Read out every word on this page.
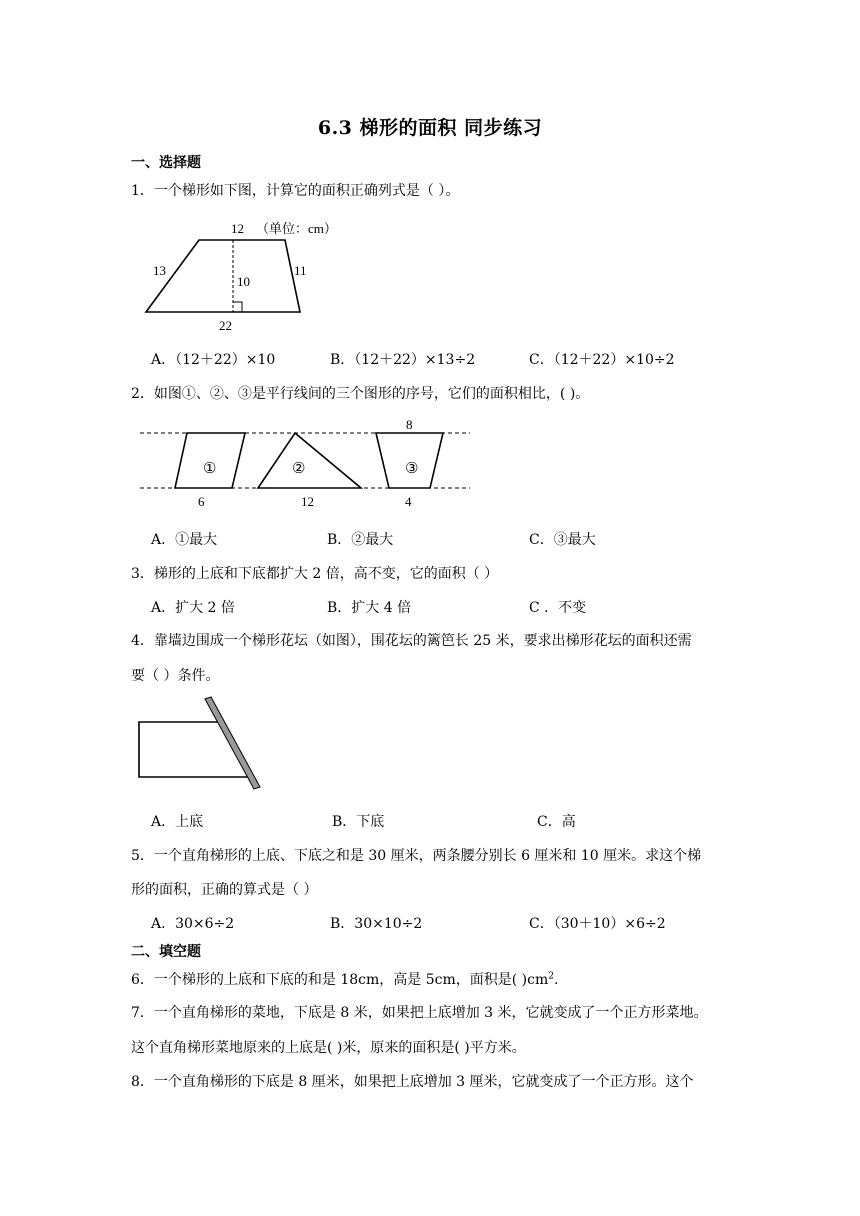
6.3 梯形的面积 同步练习
一、选择题
1．一个梯形如下图，计算它的面积正确列式是（ ）。
12 （单位：cm）
13	11
10
22
A．（12＋22）×10	B．（12＋22）×13÷2	C．（12＋22）×10÷2
2．如图①、②、③是平行线间的三个图形的序号，它们的面积相比，( )。
①	②	③
6	12	4
8
A．①最大	B．②最大	C．③最大
3．梯形的上底和下底都扩大 2 倍，高不变，它的面积（ ）
A．扩大 2 倍	B．扩大 4 倍	C ．不变
4．靠墙边围成一个梯形花坛（如图），围花坛的篱笆长 25 米，要求出梯形花坛的面积还需
要（ ）条件。
A．上底	B．下底	C．高
5．一个直角梯形的上底、下底之和是 30 厘米，两条腰分别长 6 厘米和 10 厘米。求这个梯
形的面积，正确的算式是（ ）
A．30×6÷2	B．30×10÷2	C．（30＋10）×6÷2
二、填空题
6．一个梯形的上底和下底的和是 18cm，高是 5cm，面积是( )$cm^2$.
7．一个直角梯形的菜地，下底是 8 米，如果把上底增加 3 米，它就变成了一个正方形菜地。
这个直角梯形菜地原来的上底是( )米，原来的面积是( )平方米。
8．一个直角梯形的下底是 8 厘米，如果把上底增加 3 厘米，它就变成了一个正方形。这个
